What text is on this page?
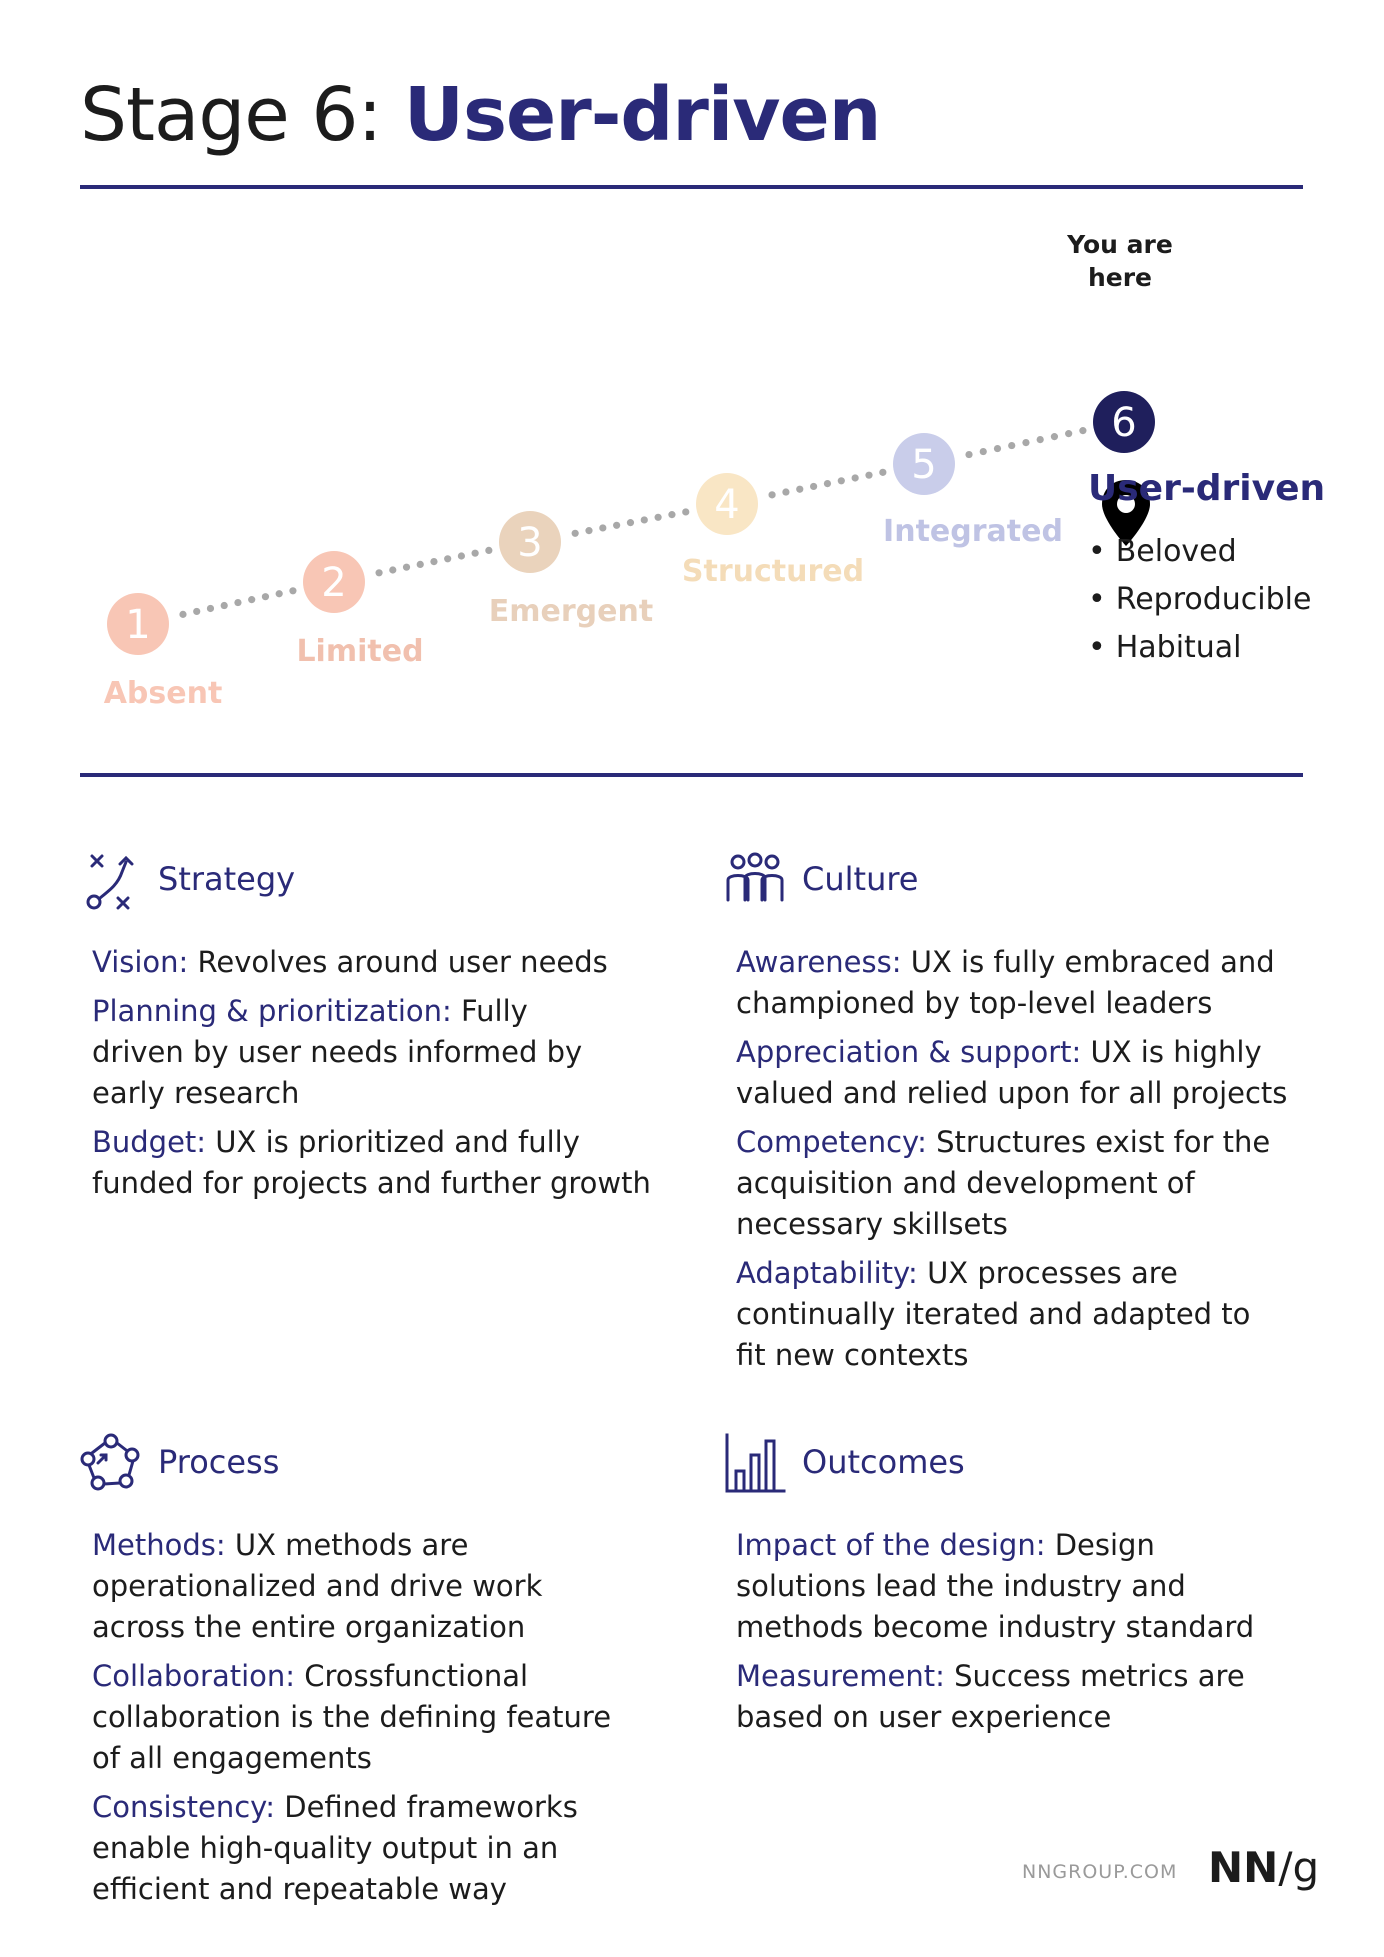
Stage 6: User-driven
1
Absent
2
Limited
3
Emergent
4
Structured
5
Integrated
6
You are here
User-driven
• Beloved
• Reproducible
• Habitual
Strategy
Vision: Revolves around user needs
Planning & prioritization: Fully driven by user needs informed by early research
Budget: UX is prioritized and fully funded for projects and further growth
Culture
Awareness: UX is fully embraced and championed by top-level leaders
Appreciation & support: UX is highly valued and relied upon for all projects
Competency: Structures exist for the acquisition and development of necessary skillsets
Adaptability: UX processes are continually iterated and adapted to fit new contexts
Process
Methods: UX methods are operationalized and drive work across the entire organization
Collaboration: Crossfunctional collaboration is the defining feature of all engagements
Consistency: Defined frameworks enable high-quality output in an efficient and repeatable way
Outcomes
Impact of the design: Design solutions lead the industry and methods become industry standard
Measurement: Success metrics are based on user experience
NNGROUP.COM NN/g
